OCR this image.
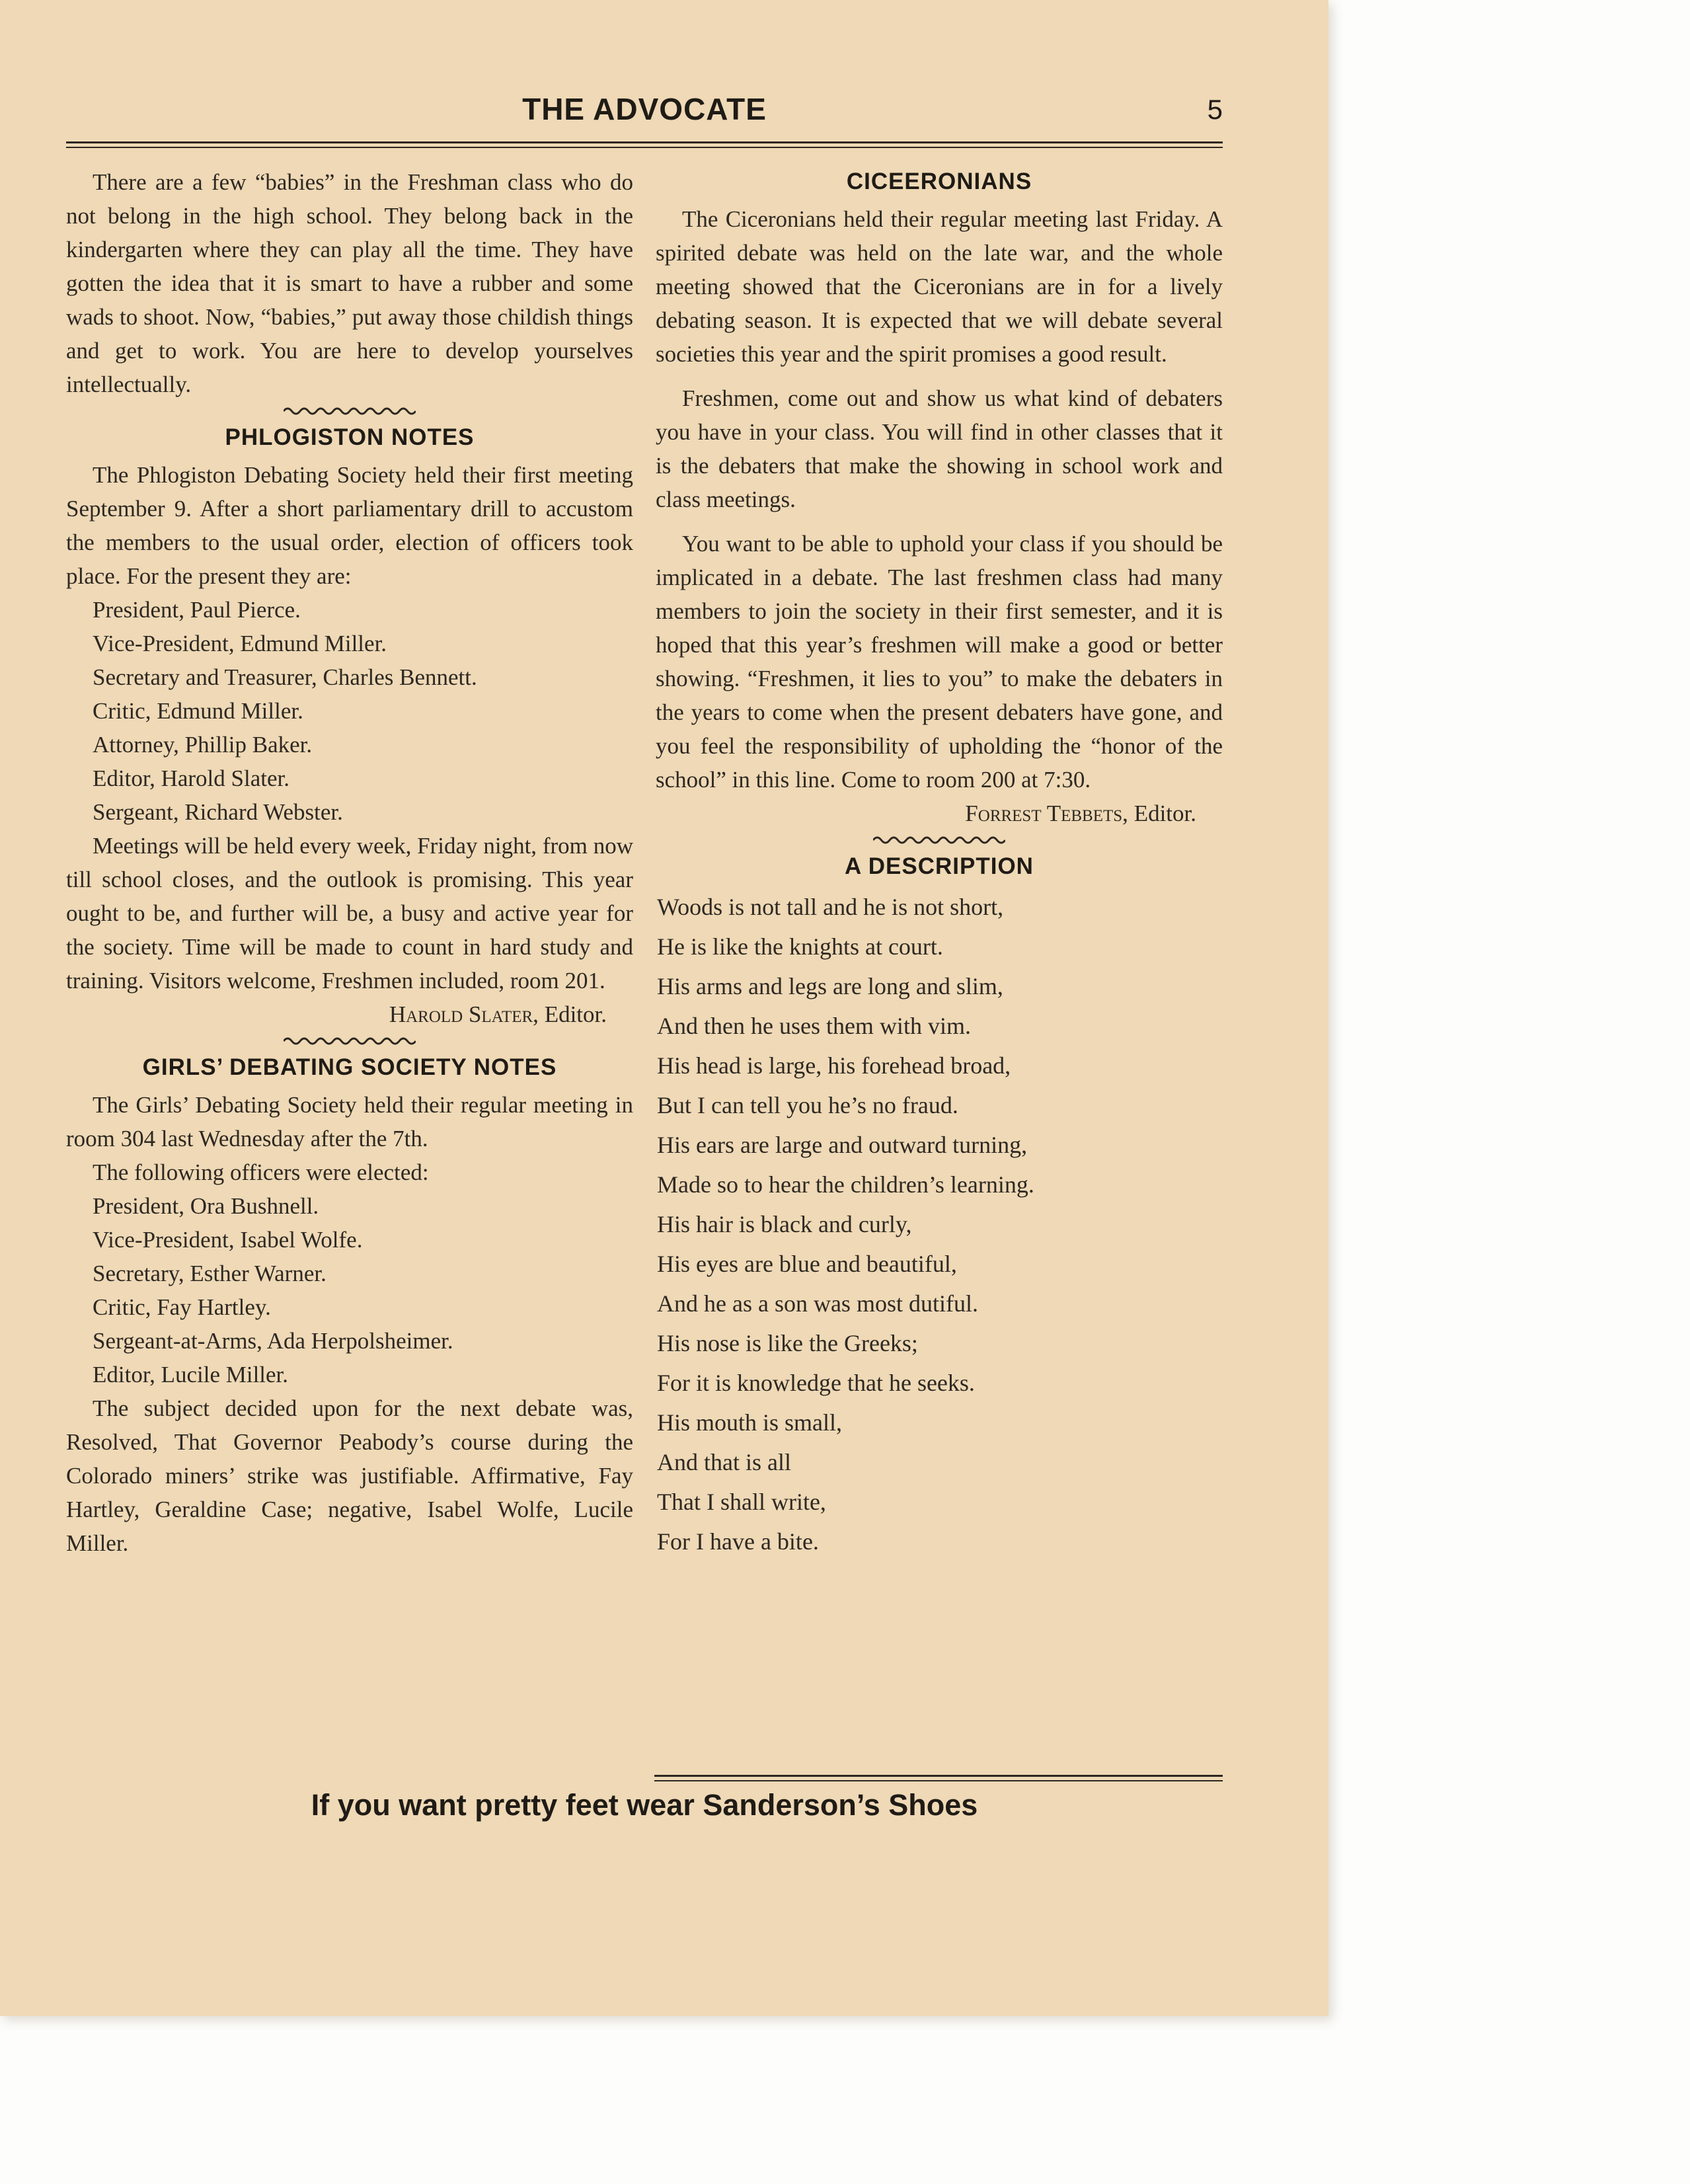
THE ADVOCATE	5

There are a few “babies” in the Freshman class who do not belong in the high school. They belong back in the kindergarten where they can play all the time. They have gotten the idea that it is smart to have a rubber and some wads to shoot. Now, “babies,” put away those childish things and get to work. You are here to develop yourselves intellectually.

PHLOGISTON NOTES

The Phlogiston Debating Society held their first meeting September 9. After a short parliamentary drill to accustom the members to the usual order, election of officers took place. For the present they are:

President, Paul Pierce.
Vice-President, Edmund Miller.
Secretary and Treasurer, Charles Bennett.
Critic, Edmund Miller.
Attorney, Phillip Baker.
Editor, Harold Slater.
Sergeant, Richard Webster.

Meetings will be held every week, Friday night, from now till school closes, and the outlook is promising. This year ought to be, and further will be, a busy and active year for the society. Time will be made to count in hard study and training. Visitors welcome, Freshmen included, room 201.

Harold Slater, Editor.
GIRLS’ DEBATING SOCIETY NOTES

The Girls’ Debating Society held their regular meeting in room 304 last Wednesday after the 7th.

The following officers were elected:

President, Ora Bushnell.
Vice-President, Isabel Wolfe.
Secretary, Esther Warner.
Critic, Fay Hartley.
Sergeant-at-Arms, Ada Herpolsheimer.
Editor, Lucile Miller.

The subject decided upon for the next debate was, Resolved, That Governor Peabody’s course during the Colorado miners’ strike was justifiable. Affirmative, Fay Hartley, Geraldine Case; negative, Isabel Wolfe, Lucile Miller.

CICEERONIANS

The Ciceronians held their regular meeting last Friday. A spirited debate was held on the late war, and the whole meeting showed that the Ciceronians are in for a lively debating season. It is expected that we will debate several societies this year and the spirit promises a good result.

Freshmen, come out and show us what kind of debaters you have in your class. You will find in other classes that it is the debaters that make the showing in school work and class meetings.

You want to be able to uphold your class if you should be implicated in a debate. The last freshmen class had many members to join the society in their first semester, and it is hoped that this year’s freshmen will make a good or better showing. “Freshmen, it lies to you” to make the debaters in the years to come when the present debaters have gone, and you feel the responsibility of upholding the “honor of the school” in this line. Come to room 200 at 7:30.

Forrest Tebbets, Editor.
A DESCRIPTION
Woods is not tall and he is not short,
He is like the knights at court.
His arms and legs are long and slim,
And then he uses them with vim.
His head is large, his forehead broad,
But I can tell you he’s no fraud.
His ears are large and outward turning,
Made so to hear the children’s learning.
His hair is black and curly,
His eyes are blue and beautiful,
And he as a son was most dutiful.
His nose is like the Greeks;
For it is knowledge that he seeks.
His mouth is small,
And that is all
That I shall write,
For I have a bite.
If you want pretty feet wear Sanderson’s Shoes
